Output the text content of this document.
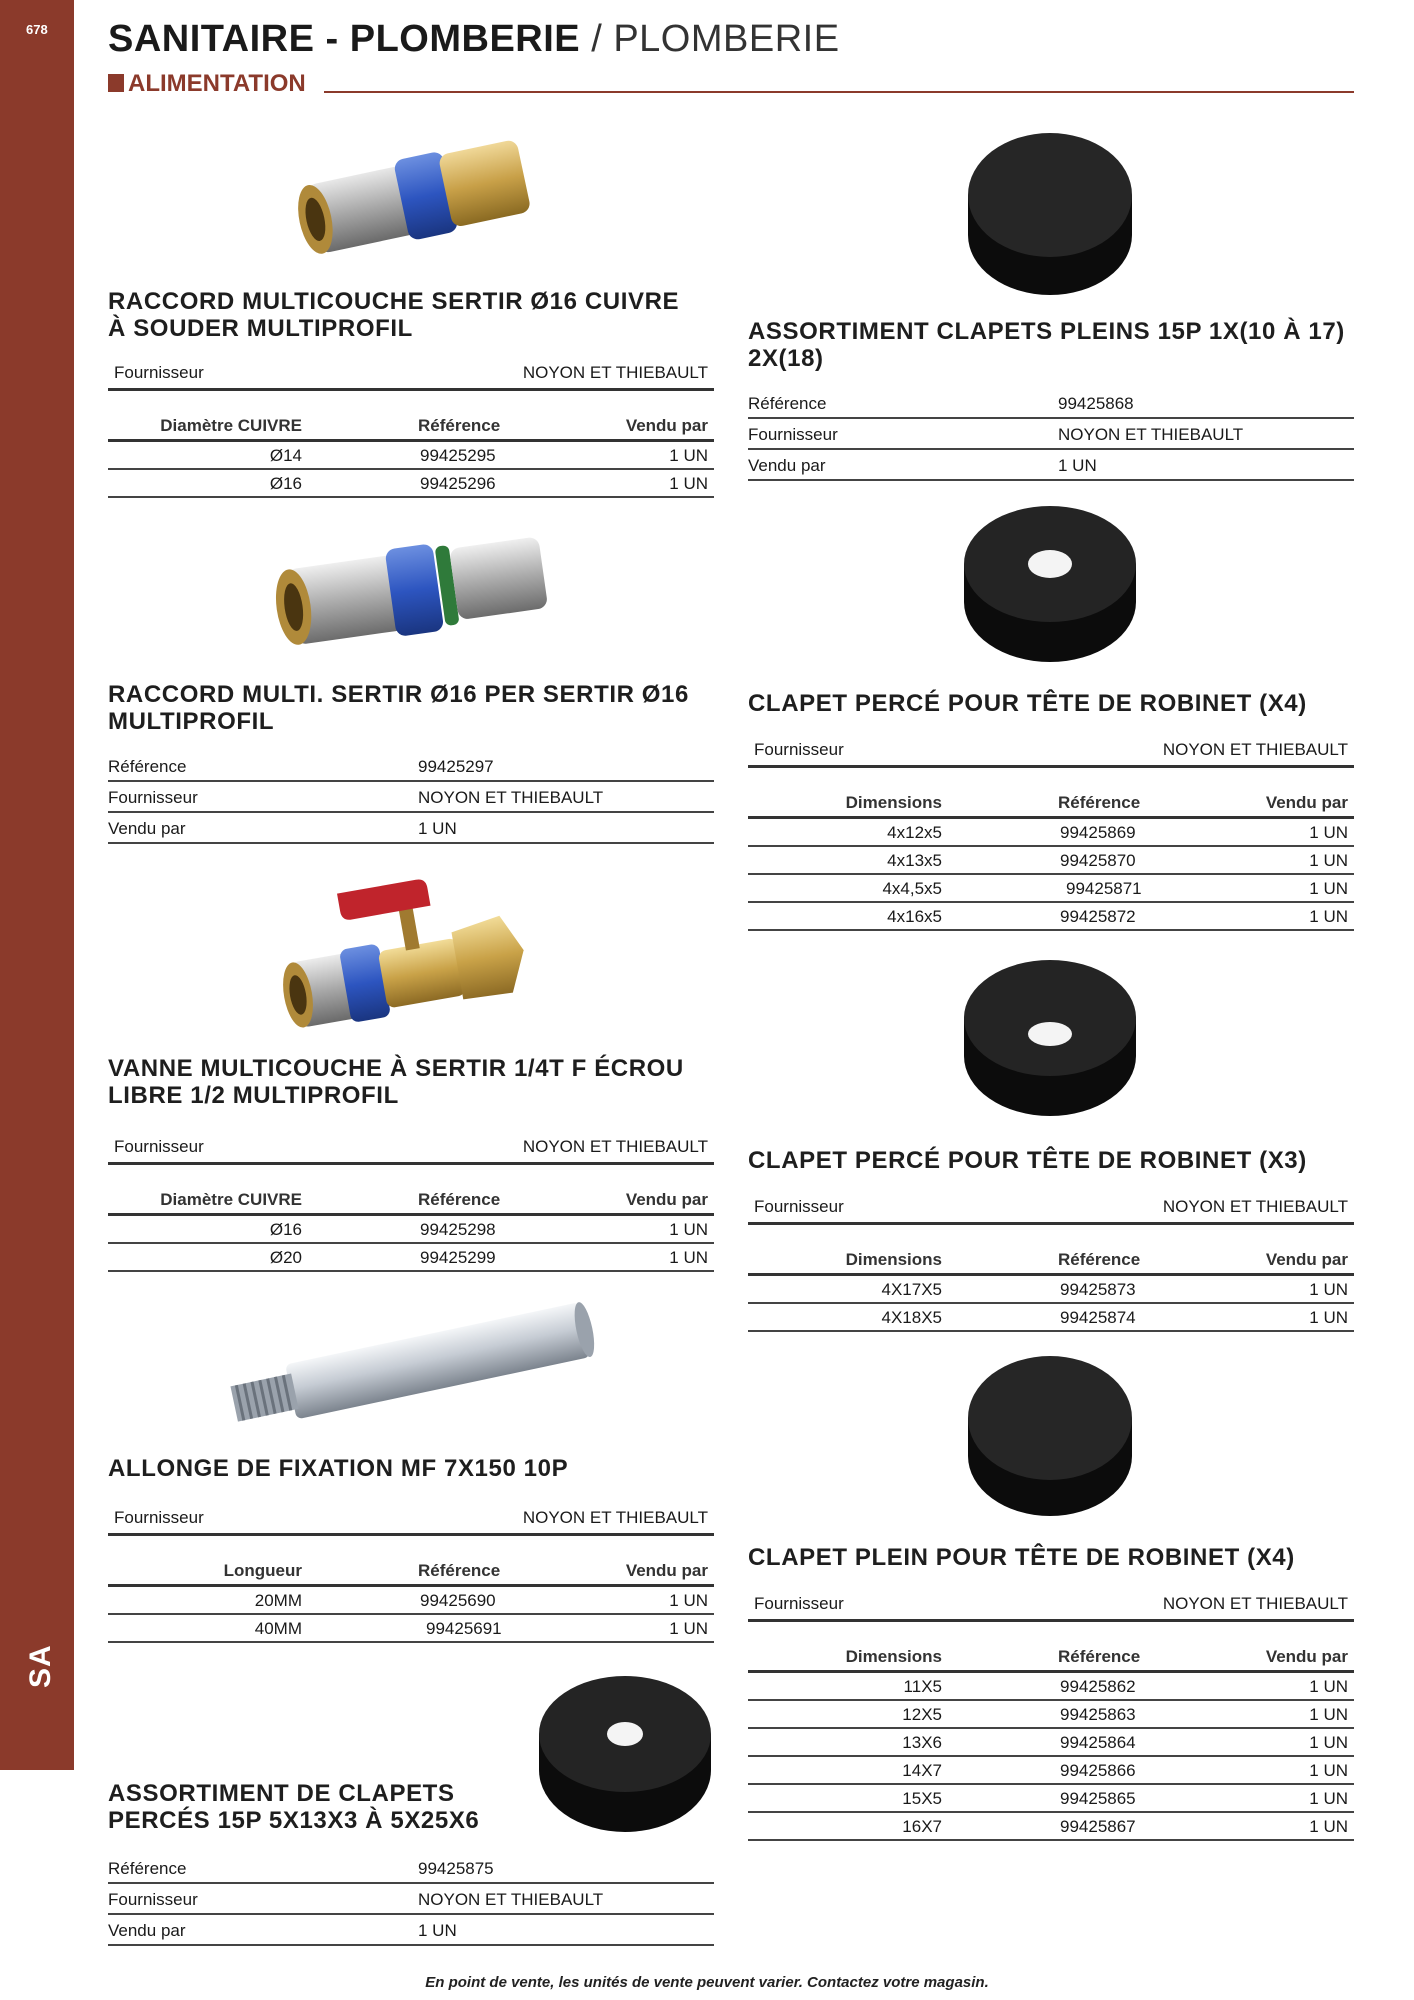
678
SA
SANITAIRE - PLOMBERIE / PLOMBERIE
ALIMENTATION
RACCORD MULTICOUCHE SERTIR Ø16 CUIVRE
À SOUDER MULTIPROFIL
Fournisseur	NOYON ET THIEBAULT
Diamètre CUIVRE	Référence	Vendu par
Ø14	99425295	1 UN
Ø16	99425296	1 UN
RACCORD MULTI. SERTIR Ø16 PER SERTIR Ø16
MULTIPROFIL
Référence	99425297
Fournisseur	NOYON ET THIEBAULT
Vendu par	1 UN
VANNE MULTICOUCHE À SERTIR 1/4T F ÉCROU
LIBRE 1/2 MULTIPROFIL
Fournisseur	NOYON ET THIEBAULT
Diamètre CUIVRE	Référence	Vendu par
Ø16	99425298	1 UN
Ø20	99425299	1 UN
ALLONGE DE FIXATION MF 7X150 10P
Fournisseur	NOYON ET THIEBAULT
Longueur	Référence	Vendu par
20MM	99425690	1 UN
40MM	99425691	1 UN
ASSORTIMENT DE CLAPETS
PERCÉS 15P 5X13X3 À 5X25X6
Référence	99425875
Fournisseur	NOYON ET THIEBAULT
Vendu par	1 UN
ASSORTIMENT CLAPETS PLEINS 15P 1X(10 À 17)
2X(18)
Référence	99425868
Fournisseur	NOYON ET THIEBAULT
Vendu par	1 UN
CLAPET PERCÉ POUR TÊTE DE ROBINET (X4)
Fournisseur	NOYON ET THIEBAULT
Dimensions	Référence	Vendu par
4x12x5	99425869	1 UN
4x13x5	99425870	1 UN
4x4,5x5	99425871	1 UN
4x16x5	99425872	1 UN
CLAPET PERCÉ POUR TÊTE DE ROBINET (X3)
Fournisseur	NOYON ET THIEBAULT
Dimensions	Référence	Vendu par
4X17X5	99425873	1 UN
4X18X5	99425874	1 UN
CLAPET PLEIN POUR TÊTE DE ROBINET (X4)
Fournisseur	NOYON ET THIEBAULT
Dimensions	Référence	Vendu par
11X5	99425862	1 UN
12X5	99425863	1 UN
13X6	99425864	1 UN
14X7	99425866	1 UN
15X5	99425865	1 UN
16X7	99425867	1 UN
En point de vente, les unités de vente peuvent varier. Contactez votre magasin.
